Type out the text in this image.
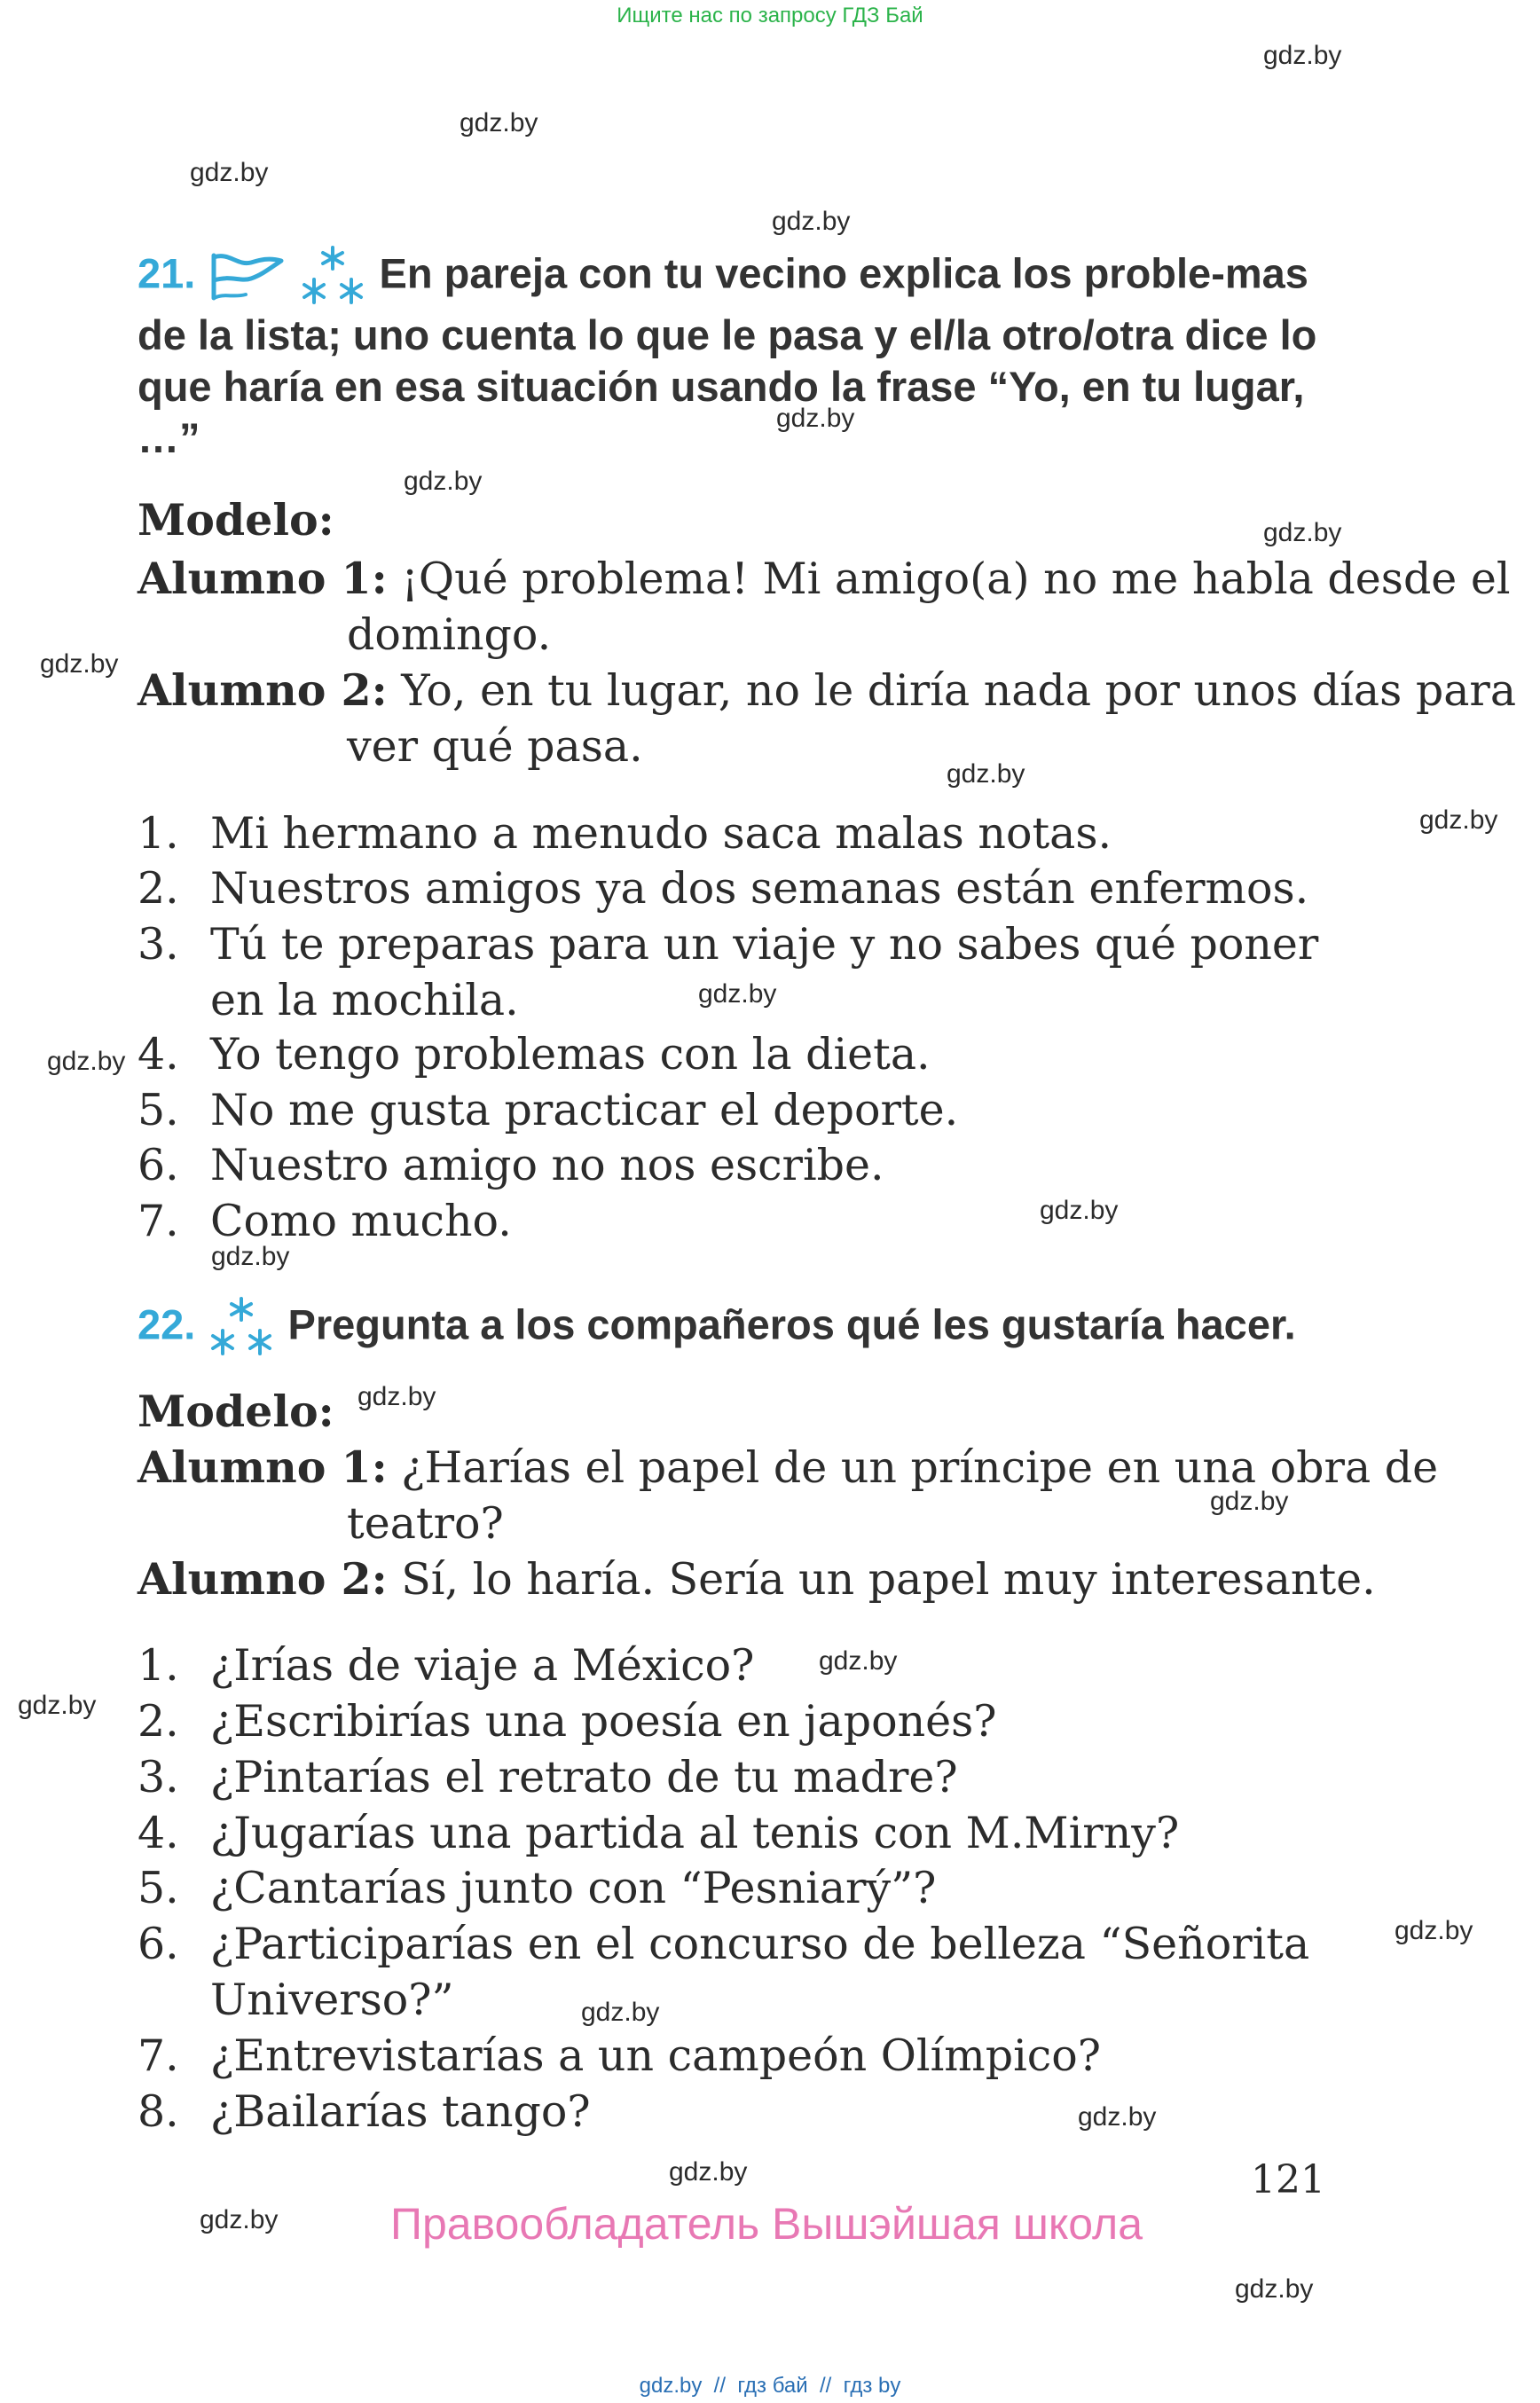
Ищите нас по запросу ГДЗ Бай
gdz.by
gdz.by
gdz.by
gdz.by
gdz.by
gdz.by
gdz.by
gdz.by
gdz.by
gdz.by
gdz.by
gdz.by
gdz.by
gdz.by
gdz.by
gdz.by
gdz.by
gdz.by
gdz.by
gdz.by
gdz.by
gdz.by
gdz.by
gdz.by
21.	En pareja con tu vecino explica los proble-mas de la lista; uno cuenta lo que le pasa y el/la otro/otra dice lo que haría en esa situación usando la frase “Yo, en tu lugar, …”
Modelo:
Alumno 1: ¡Qué problema! Mi amigo(a) no me habla desde el domingo.
Alumno 2: Yo, en tu lugar, no le diría nada por unos días para ver qué pasa.
1. Mi hermano a menudo saca malas notas.
2. Nuestros amigos ya dos semanas están enfermos.
3. Tú te preparas para un viaje y no sabes qué poner en la mochila.
4. Yo tengo problemas con la dieta.
5. No me gusta practicar el deporte.
6. Nuestro amigo no nos escribe.
7. Como mucho.
22. Pregunta a los compañeros qué les gustaría hacer.
Modelo:
Alumno 1: ¿Harías el papel de un príncipe en una obra de teatro?
Alumno 2: Sí, lo haría. Sería un papel muy interesante.
1. ¿Irías de viaje a México?
2. ¿Escribirías una poesía en japonés?
3. ¿Pintarías el retrato de tu madre?
4. ¿Jugarías una partida al tenis con M.Mirny?
5. ¿Cantarías junto con “Pesniarý”?
6. ¿Participarías en el concurso de belleza “Señorita Universo?”
7. ¿Entrevistarías a un campeón Olímpico?
8. ¿Bailarías tango?
121
Правообладатель Вышэйшая школа
gdz.by  //  гдз бай  //  гдз by
